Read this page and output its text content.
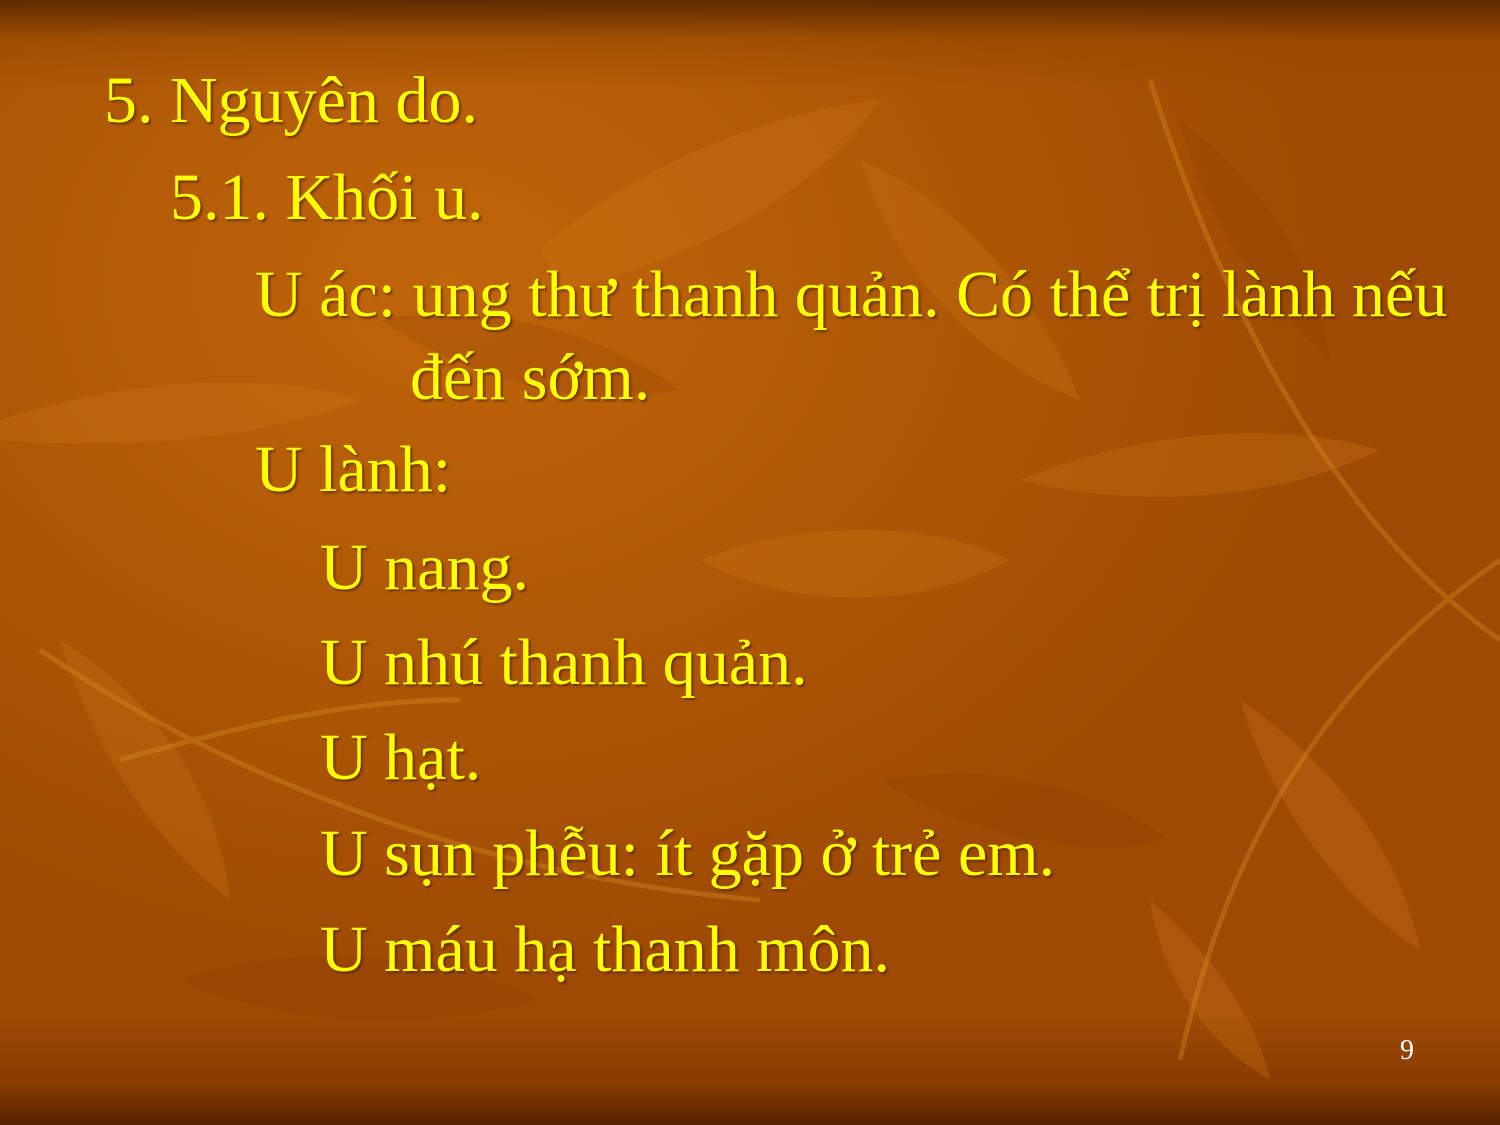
5. Nguyên do.

5.1. Khối u.

U ác: ung thư thanh quản. Có thể trị lành nếu

đến sớm.

U lành:

U nang.

U nhú thanh quản.

U hạt.

U sụn phễu: ít gặp ở trẻ em.

U máu hạ thanh môn.

9
